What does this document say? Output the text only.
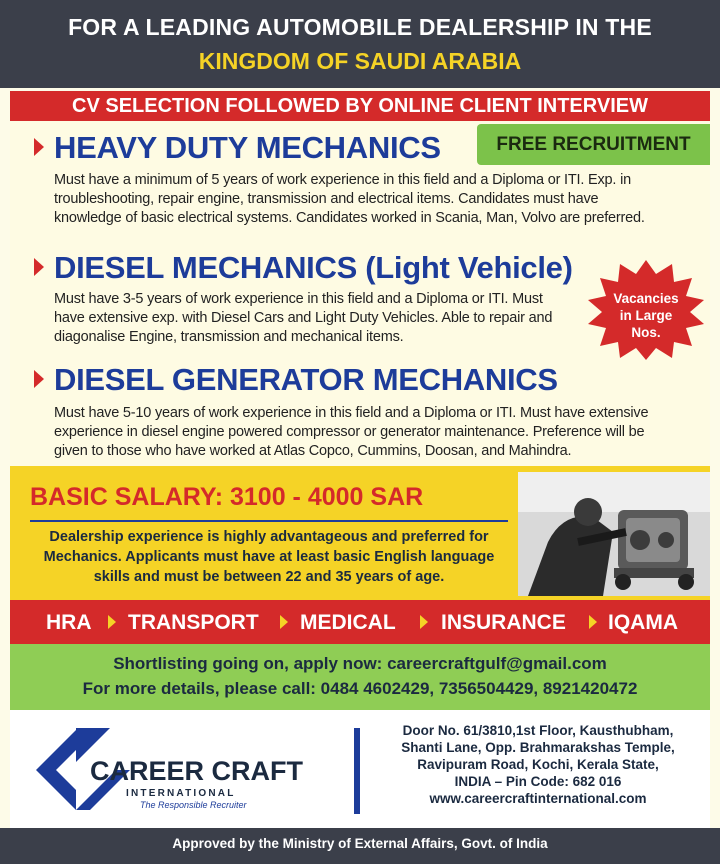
FOR A LEADING AUTOMOBILE DEALERSHIP IN THE
KINGDOM OF SAUDI ARABIA
CV SELECTION FOLLOWED BY ONLINE CLIENT INTERVIEW
FREE RECRUITMENT
HEAVY DUTY MECHANICS
Must have a minimum of 5 years of work experience in this field and a Diploma or ITI. Exp. in
troubleshooting, repair engine, transmission and electrical items. Candidates must have
knowledge of basic electrical systems. Candidates worked in Scania, Man, Volvo are preferred.
DIESEL MECHANICS (Light Vehicle)
Must have 3-5 years of work experience in this field and a Diploma or ITI. Must
have extensive exp. with Diesel Cars and Light Duty Vehicles. Able to repair and
diagonalise Engine, transmission and mechanical items.
DIESEL GENERATOR MECHANICS
Must have 5-10 years of work experience in this field and a Diploma or ITI. Must have extensive
experience in diesel engine powered compressor or generator maintenance. Preference will be
given to those who have worked at Atlas Copco, Cummins, Doosan, and Mahindra.
Vacancies
in Large
Nos.
BASIC SALARY: 3100 - 4000 SAR
Dealership experience is highly advantageous and preferred for
Mechanics. Applicants must have at least basic English language
skills and must be between 22 and 35 years of age.
HRA TRANSPORT MEDICAL INSURANCE IQAMA
Shortlisting going on, apply now: careercraftgulf@gmail.com
For more details, please call: 0484 4602429, 7356504429, 8921420472
CAREER CRAFT
INTERNATIONAL
The Responsible Recruiter
Door No. 61/3810,1st Floor, Kausthubham,
Shanti Lane, Opp. Brahmarakshas Temple,
Ravipuram Road, Kochi, Kerala State,
INDIA – Pin Code: 682 016
www.careercraftinternational.com
Approved by the Ministry of External Affairs, Govt. of India
